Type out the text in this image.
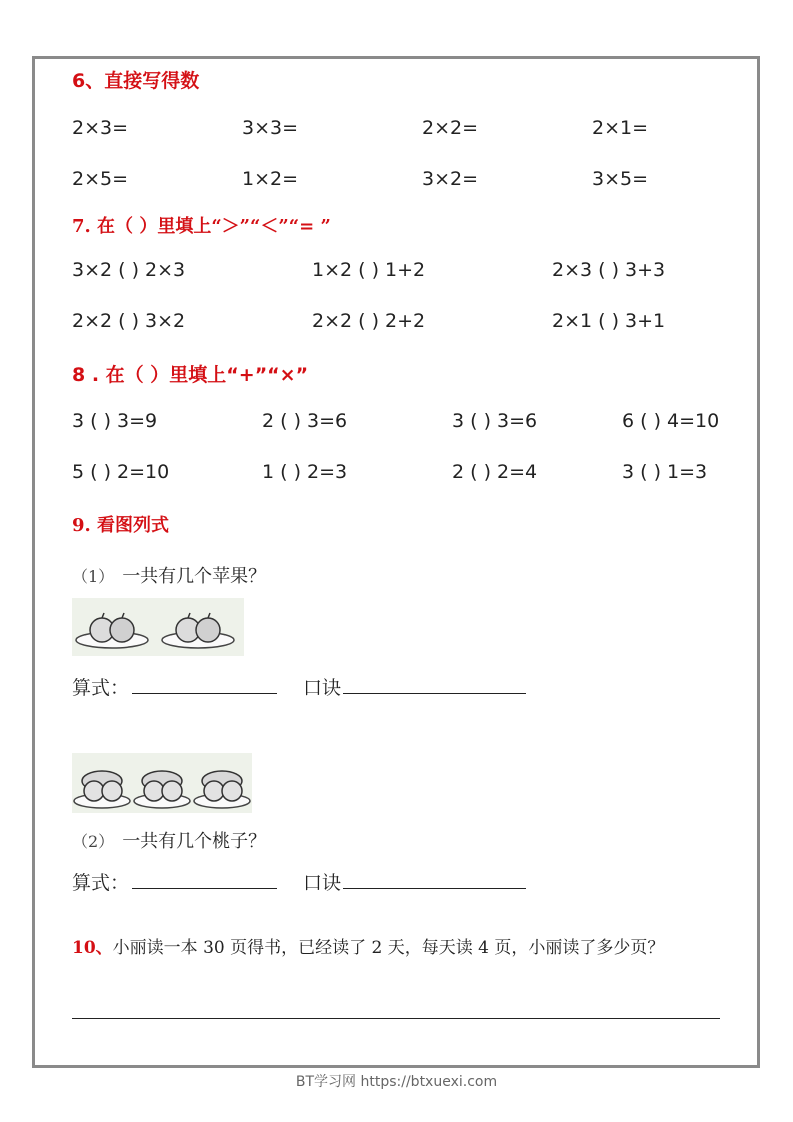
6、直接写得数
2×3=	3×3=	2×2=	2×1=
2×5=	1×2=	3×2=	3×5=
7. 在（ ）里填上“＞”“＜”“= ”
3×2 ( ) 2×3	1×2 ( ) 1+2	2×3 ( ) 3+3
2×2 ( ) 3×2	2×2 ( ) 2+2	2×1 ( ) 3+1
8 . 在（ ）里填上“+”“×”
3 ( ) 3=9	2 ( ) 3=6	3 ( ) 3=6	6 ( ) 4=10
5 ( ) 2=10	1 ( ) 2=3	2 ( ) 2=4	3 ( ) 1=3
9. 看图列式
（1） 一共有几个苹果？
算式：	口诀
（2） 一共有几个桃子？
算式：	口诀
10、小丽读一本 30 页得书，已经读了 2 天，每天读 4 页，小丽读了多少页？
BT学习网 https://btxuexi.com
